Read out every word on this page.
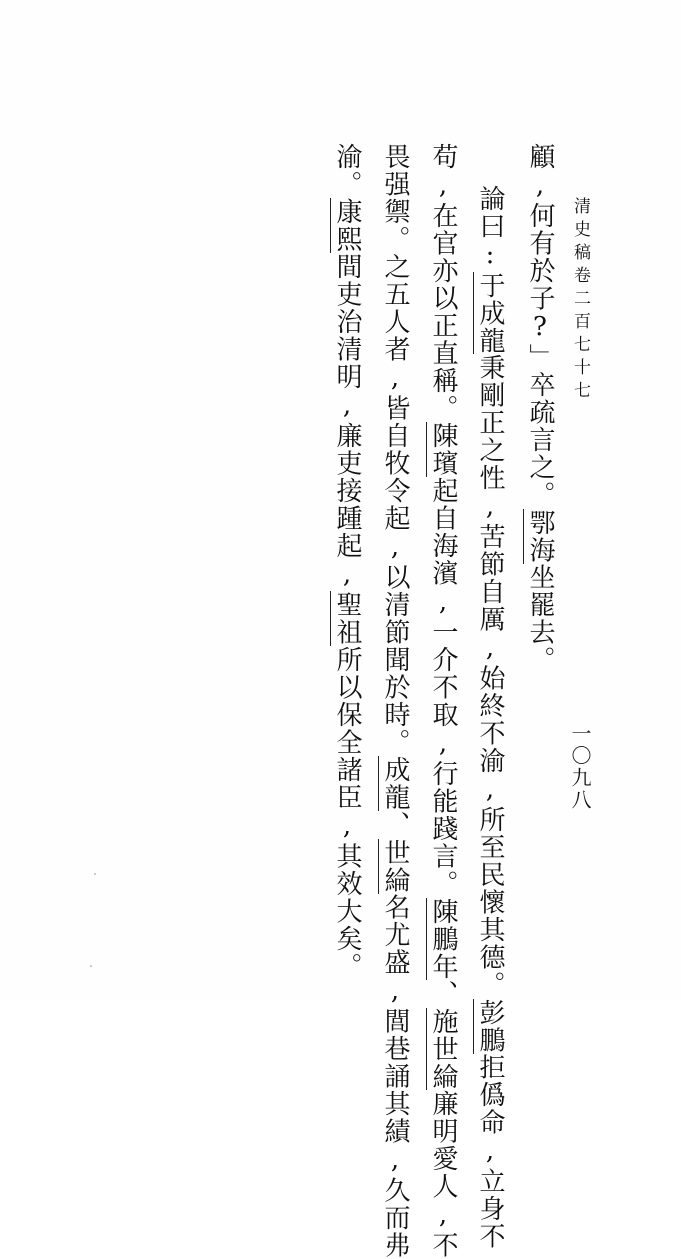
清史稿卷二百七十七
一〇九八
顧,何有於子?」卒疏言之。鄂海坐罷去。
論曰:于成龍秉剛正之性,苦節自厲,始終不渝,所至民懷其德。彭鵬拒僞命,立身不
苟,在官亦以正直稱。陳璸起自海濱,一介不取,行能踐言。陳鵬年、施世綸廉明愛人,不
畏强禦。之五人者,皆自牧令起,以清節聞於時。成龍、世綸名尤盛,閭巷誦其績,久而弗
渝。康熙間吏治清明,廉吏接踵起,聖祖所以保全諸臣,其效大矣。
